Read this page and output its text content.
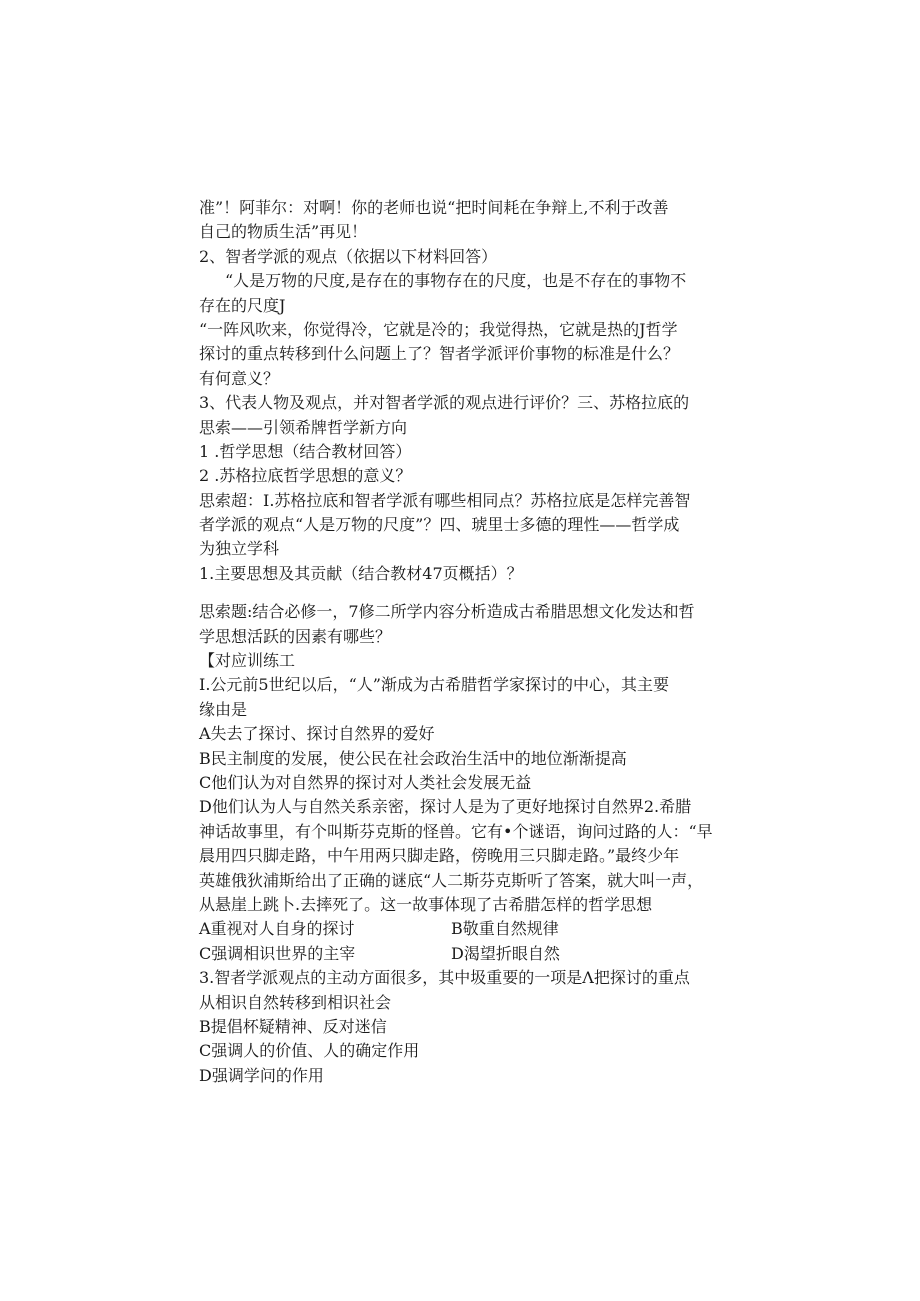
准”！阿菲尔：对啊！你的老师也说“把时间耗在争辩上,不利于改善
自己的物质生活”再见！
2、智者学派的观点（依据以下材料回答）
“人是万物的尺度,是存在的事物存在的尺度，也是不存在的事物不
存在的尺度J
“一阵风吹来，你觉得冷，它就是冷的；我觉得热，它就是热的J哲学
探讨的重点转移到什么问题上了？智者学派评价事物的标准是什么？
有何意义？
3、代表人物及观点，并对智者学派的观点进行评价？三、苏格拉底的
思索——引领希牌哲学新方向
1 .哲学思想（结合教材回答）
2 .苏格拉底哲学思想的意义？
思索超：I.苏格拉底和智者学派有哪些相同点？苏格拉底是怎样完善智
者学派的观点“人是万物的尺度”？四、琥里士多德的理性——哲学成
为独立学科
1.主要思想及其贡献（结合教材47页概括）？
思索题:结合必修一，7修二所学内容分析造成古希腊思想文化发达和哲
学思想活跃的因素有哪些？
【对应训练工
I.公元前5世纪以后，“人”渐成为古希腊哲学家探讨的中心，其主要
缘由是
A失去了探讨、探讨自然界的爱好
B民主制度的发展，使公民在社会政治生活中的地位渐渐提高
C他们认为对自然界的探讨对人类社会发展无益
D他们认为人与自然关系亲密，探讨人是为了更好地探讨自然界2.希腊
神话故事里，有个叫斯芬克斯的怪兽。它有•个谜语，询问过路的人：“早
晨用四只脚走路，中午用两只脚走路，傍晚用三只脚走路。”最终少年
英雄俄狄浦斯给出了正确的谜底“人二斯芬克斯听了答案，就大叫一声，
从悬崖上跳卜.去摔死了。这一故事体现了古希腊怎样的哲学思想
A重视对人自身的探讨	B敬重自然规律
C强调相识世界的主宰	D渴望折眼自然
3.智者学派观点的主动方面很多，其中圾重要的一项是Λ把探讨的重点
从相识自然转移到相识社会
B提倡杯疑精神、反对迷信
C强调人的价值、人的确定作用
D强调学问的作用
